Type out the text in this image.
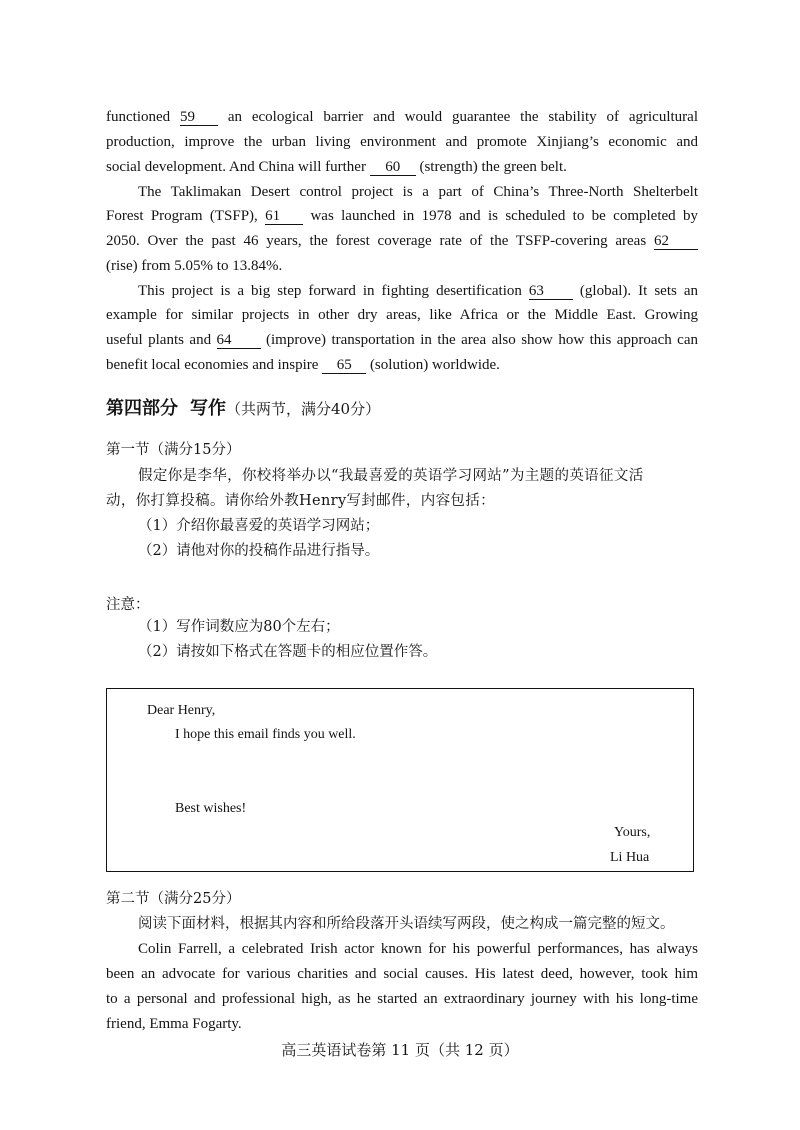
functioned 59 an ecological barrier and would guarantee the stability of agricultural
production, improve the urban living environment and promote Xinjiang’s economic and
social development. And China will further 60 (strength) the green belt.
The Taklimakan Desert control project is a part of China’s Three-North Shelterbelt
Forest Program (TSFP), 61 was launched in 1978 and is scheduled to be completed by
2050. Over the past 46 years, the forest coverage rate of the TSFP-covering areas 62
(rise) from 5.05% to 13.84%.
This project is a big step forward in fighting desertification 63 (global). It sets an
example for similar projects in other dry areas, like Africa or the Middle East. Growing
useful plants and 64 (improve) transportation in the area also show how this approach can
benefit local economies and inspire 65 (solution) worldwide.
第四部分 写作（共两节，满分40分）
第一节（满分15分）
假定你是李华，你校将举办以“我最喜爱的英语学习网站”为主题的英语征文活
动，你打算投稿。请你给外教Henry写封邮件，内容包括：
（1）介绍你最喜爱的英语学习网站；
（2）请他对你的投稿作品进行指导。
注意：
（1）写作词数应为80个左右；
（2）请按如下格式在答题卡的相应位置作答。
Dear Henry,
I hope this email finds you well.
Best wishes!
Yours,
Li Hua
第二节（满分25分）
阅读下面材料，根据其内容和所给段落开头语续写两段，使之构成一篇完整的短文。
Colin Farrell, a celebrated Irish actor known for his powerful performances, has always
been an advocate for various charities and social causes. His latest deed, however, took him
to a personal and professional high, as he started an extraordinary journey with his long-time
friend, Emma Fogarty.
高三英语试卷第 11 页（共 12 页）
